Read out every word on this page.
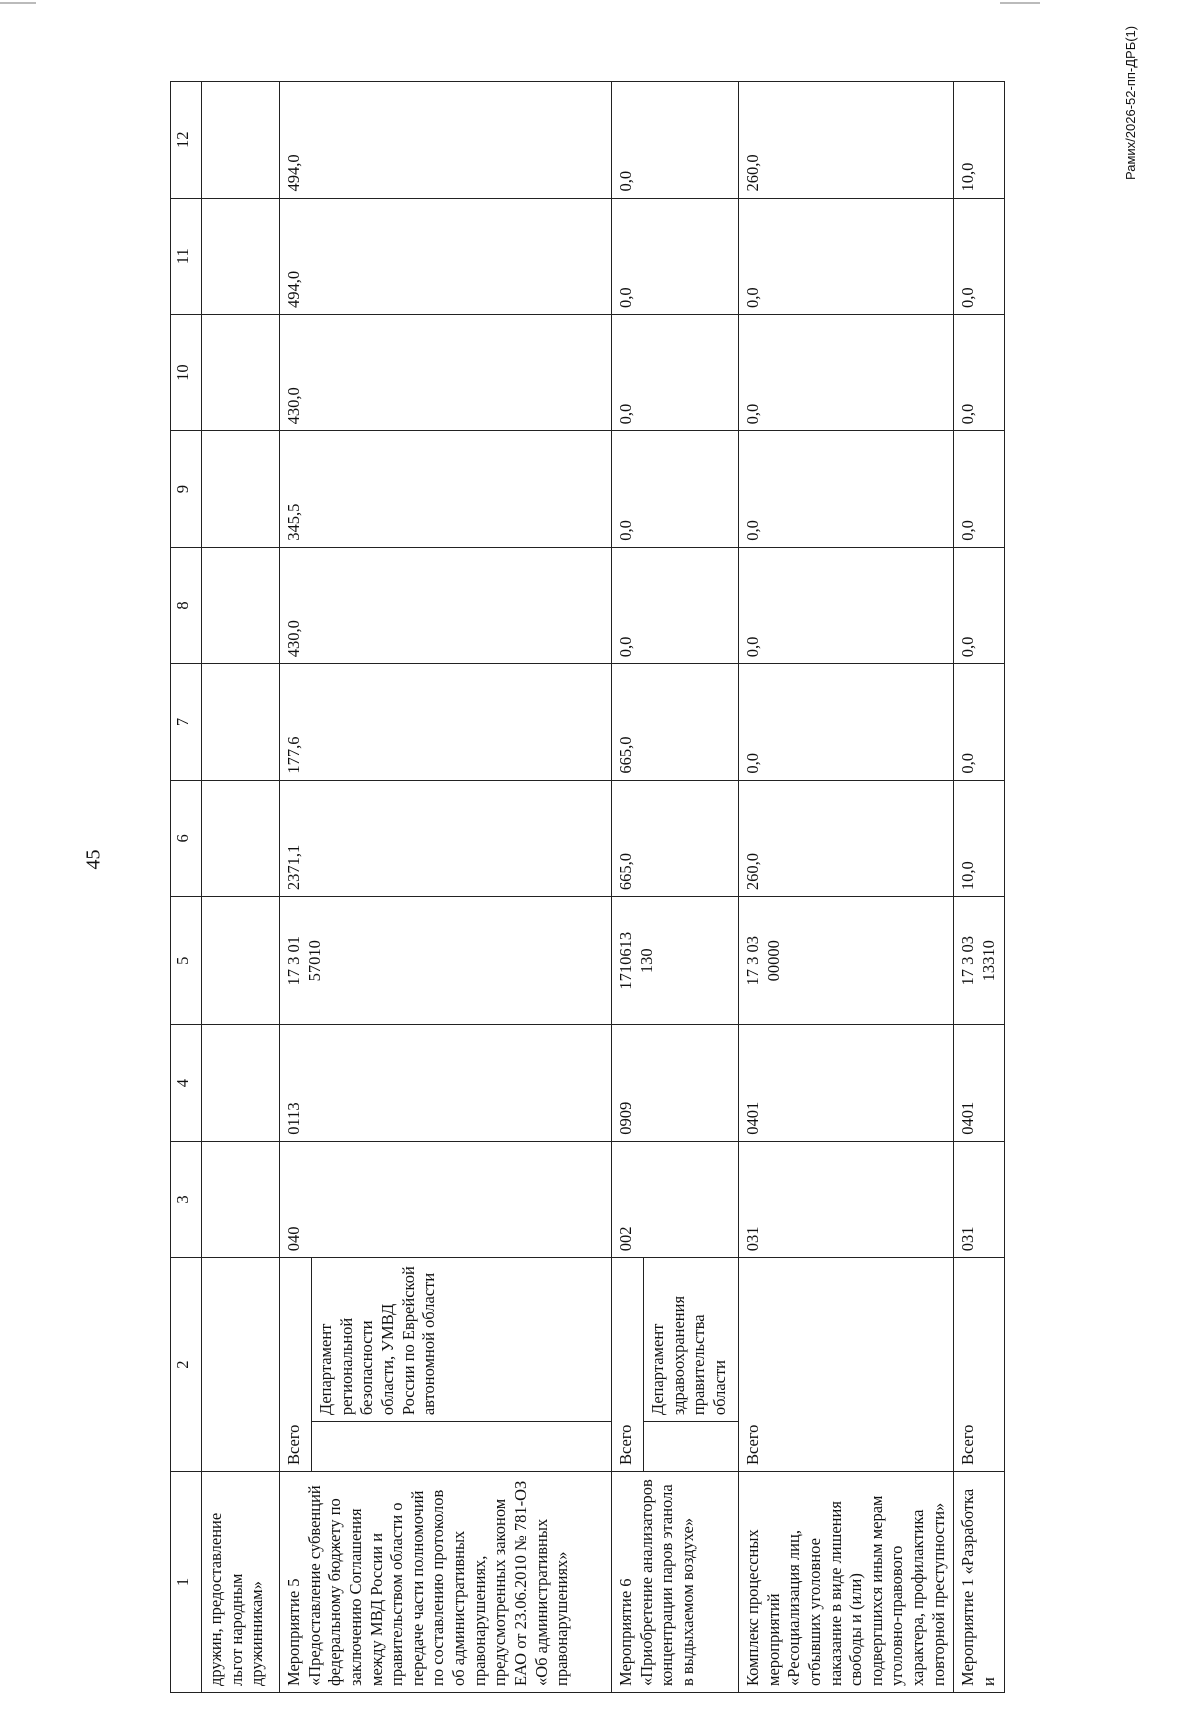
45
Рамих/2026-52-пп-ДРБ(1)
1	2		3	4	5	6	7	8	9	10	11	12
дружин, предоставление льгот народным дружинникам»												
Мероприятие 5 «Предоставление субвенций федеральному бюджету по заключению Соглашения между МВД России и правительством области о передаче части полномочий по составлению протоколов об административных правонарушениях, предусмотренных законом ЕАО от 23.06.2010 № 781-ОЗ «Об административных правонарушениях»	Всего		040	0113	17 3 01
57010	2371,1	177,6	430,0	345,5	430,0	494,0	494,0
		Департамент региональной безопасности области, УМВД России по Еврейской автономной области										
Мероприятие 6 «Приобретение анализаторов концентрации паров этанола в выдыхаемом воздухе»	Всего		002	0909	1710613
130	665,0	665,0	0,0	0,0	0,0	0,0	0,0
		Департамент здравоохранения правительства области										
Комплекс процессных мероприятий «Ресоциализация лиц, отбывших уголовное наказание в виде лишения свободы и (или) подвергшихся иным мерам уголовно-правового характера, профилактика повторной преступности»	Всего		031	0401	17 3 03
00000	260,0	0,0	0,0	0,0	0,0	0,0	260,0
Мероприятие 1 «Разработка и	Всего		031	0401	17 3 03
13310	10,0	0,0	0,0	0,0	0,0	0,0	10,0
